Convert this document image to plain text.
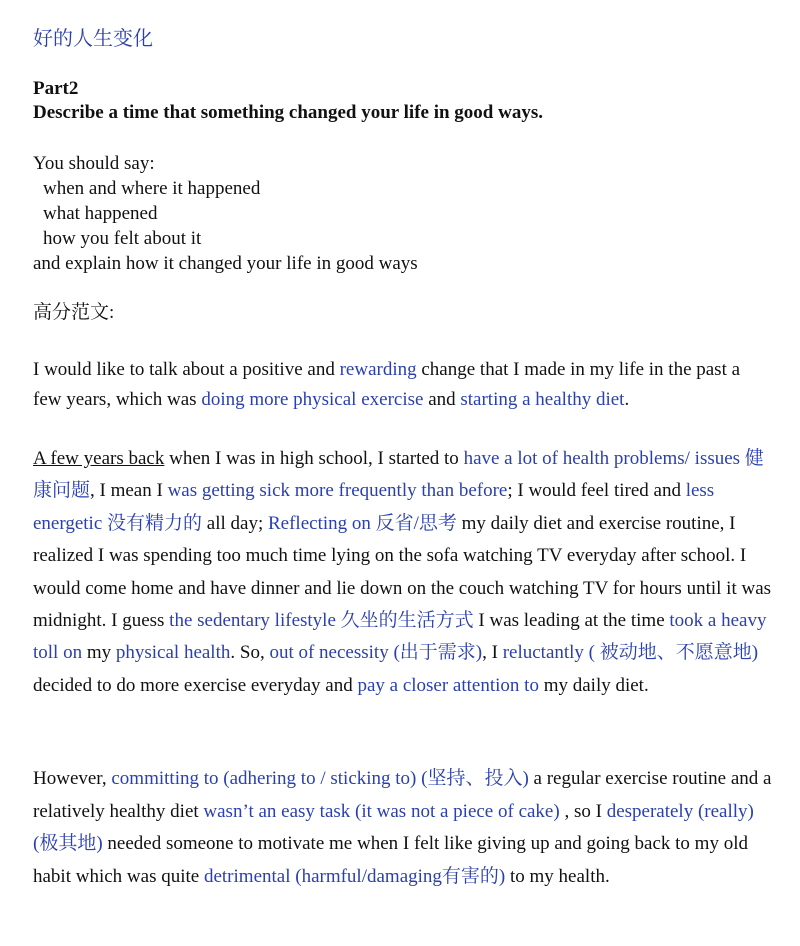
好的人生变化
Part2
Describe a time that something changed your life in good ways.
You should say:
when and where it happened
what happened
how you felt about it
and explain how it changed your life in good ways
高分范文:

I would like to talk about a positive and rewarding change that I made in my life in the past a few years, which was doing more physical exercise and starting a healthy diet.

A few years back when I was in high school, I started to have a lot of health problems/ issues 健康问题, I mean I was getting sick more frequently than before; I would feel tired and less energetic 没有精力的 all day; Reflecting on 反省/思考 my daily diet and exercise routine, I realized I was spending too much time lying on the sofa watching TV everyday after school. I would come home and have dinner and lie down on the couch watching TV for hours until it was midnight. I guess the sedentary lifestyle 久坐的生活方式 I was leading at the time took a heavy toll on my physical health. So, out of necessity (出于需求), I reluctantly ( 被动地、不愿意地) decided to do more exercise everyday and pay a closer attention to my daily diet.

However, committing to (adhering to / sticking to) (坚持、投入) a regular exercise routine and a relatively healthy diet wasn’t an easy task (it was not a piece of cake) , so I desperately (really) (极其地) needed someone to motivate me when I felt like giving up and going back to my old habit which was quite detrimental (harmful/damaging有害的) to my health.
